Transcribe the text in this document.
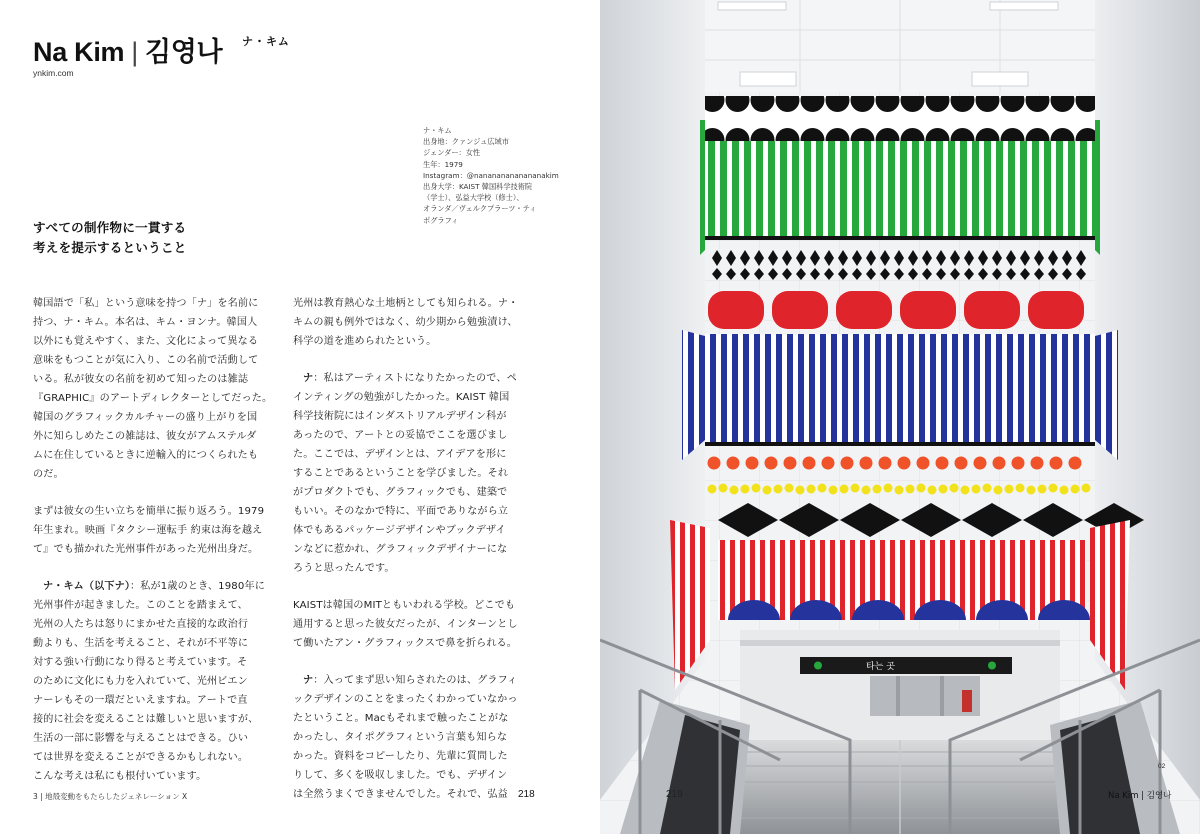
Na Kim | 김영나 ナ・キム
ynkim.com
ナ・キム
出身地：クァンジュ広域市
ジェンダー：女性
生年：1979
Instagram：@nanananananananakim
出身大学：KAIST 韓国科学技術院
（学士）、弘益大学校（修士）、
オランダ／ヴェルクプラーツ・ティ
ポグラフィ
すべての制作物に一貫する
考えを提示するということ
韓国語で「私」という意味を持つ「ナ」を名前に
持つ、ナ・キム。本名は、キム・ヨンナ。韓国人
以外にも覚えやすく、また、文化によって異なる
意味をもつことが気に入り、この名前で活動して
いる。私が彼女の名前を初めて知ったのは雑誌
『GRAPHIC』のアートディレクターとしてだった。
韓国のグラフィックカルチャーの盛り上がりを国
外に知らしめたこの雑誌は、彼女がアムステルダ
ムに在住しているときに逆輸入的につくられたも
のだ。
まずは彼女の生い立ちを簡単に振り返ろう。1979
年生まれ。映画『タクシー運転手 約束は海を越え
て』でも描かれた光州事件があった光州出身だ。
ナ・キム（以下ナ）：私が1歳のとき、1980年に
光州事件が起きました。このことを踏まえて、
光州の人たちは怒りにまかせた直接的な政治行
動よりも、生活を考えること、それが不平等に
対する強い行動になり得ると考えています。そ
のために文化にも力を入れていて、光州ビエン
ナーレもその一環だといえますね。アートで直
接的に社会を変えることは難しいと思いますが、
生活の一部に影響を与えることはできる。ひい
ては世界を変えることができるかもしれない。
こんな考えは私にも根付いています。
光州は教育熱心な土地柄としても知られる。ナ・
キムの親も例外ではなく、幼少期から勉強漬け、
科学の道を進められたという。
ナ：私はアーティストになりたかったので、ペ
インティングの勉強がしたかった。KAIST 韓国
科学技術院にはインダストリアルデザイン科が
あったので、アートとの妥協でここを選びまし
た。ここでは、デザインとは、アイデアを形に
することであるということを学びました。それ
がプロダクトでも、グラフィックでも、建築で
もいい。そのなかで特に、平面でありながら立
体でもあるパッケージデザインやブックデザイ
ンなどに惹かれ、グラフィックデザイナーにな
ろうと思ったんです。
KAISTは韓国のMITともいわれる学校。どこでも
通用すると思った彼女だったが、インターンとし
て働いたアン・グラフィックスで鼻を折られる。
ナ：入ってまず思い知らされたのは、グラフィ
ックデザインのことをまったくわかっていなかっ
たということ。Macもそれまで触ったことがな
かったし、タイポグラフィという言葉も知らな
かった。資料をコピーしたり、先輩に質問した
りして、多くを吸収しました。でも、デザイン
は全然うまくできませんでした。それで、弘益
3 | 地殻変動をもたらしたジェネレーション X	218
타는 곳
02
219	Na Kim | 김영나
